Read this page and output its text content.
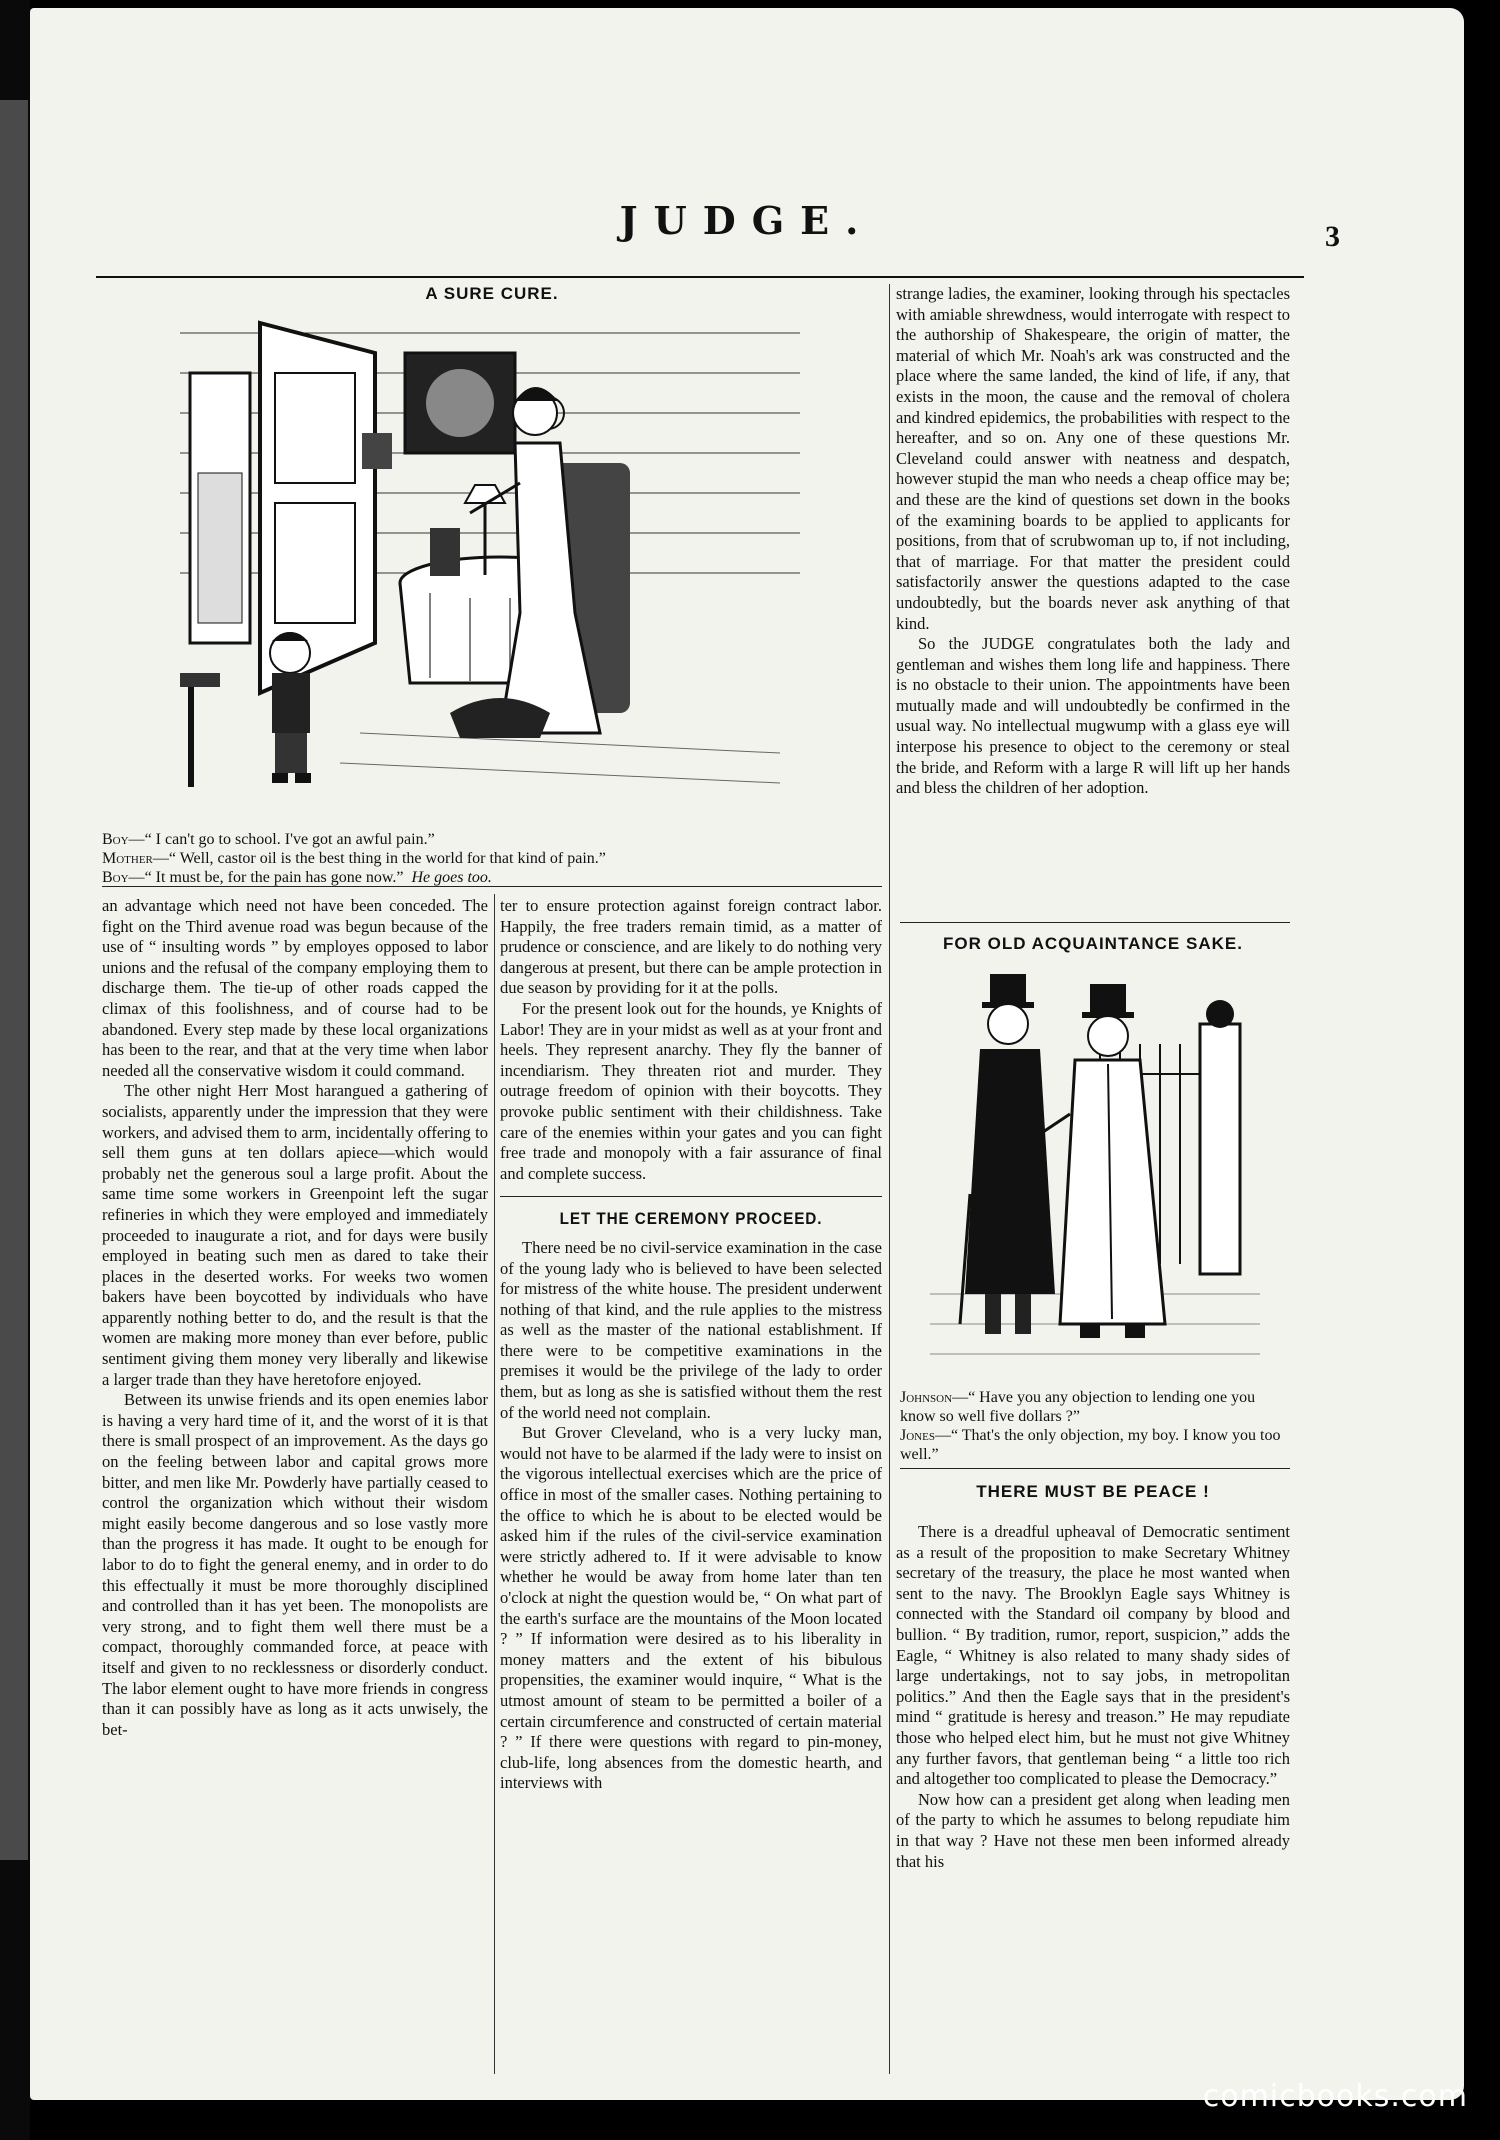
JUDGE.	3
A SURE CURE.
Boy—“ I can't go to school. I've got an awful pain.”
Mother—“ Well, castor oil is the best thing in the world for that kind of pain.”
Boy—“ It must be, for the pain has gone now.” He goes too.

an advantage which need not have been conceded. The fight on the Third avenue road was begun because of the use of “ insulting words ” by employes opposed to labor unions and the refusal of the company employing them to discharge them. The tie-up of other roads capped the climax of this foolishness, and of course had to be abandoned. Every step made by these local organizations has been to the rear, and that at the very time when labor needed all the conservative wisdom it could command.

The other night Herr Most harangued a gathering of socialists, apparently under the impression that they were workers, and advised them to arm, incidentally offering to sell them guns at ten dollars apiece—which would probably net the generous soul a large profit. About the same time some workers in Greenpoint left the sugar refineries in which they were employed and immediately proceeded to inaugurate a riot, and for days were busily employed in beating such men as dared to take their places in the deserted works. For weeks two women bakers have been boycotted by individuals who have apparently nothing better to do, and the result is that the women are making more money than ever before, public sentiment giving them money very liberally and likewise a larger trade than they have heretofore enjoyed.

Between its unwise friends and its open enemies labor is having a very hard time of it, and the worst of it is that there is small prospect of an improvement. As the days go on the feeling between labor and capital grows more bitter, and men like Mr. Powderly have partially ceased to control the organization which without their wisdom might easily become dangerous and so lose vastly more than the progress it has made. It ought to be enough for labor to do to fight the general enemy, and in order to do this effectually it must be more thoroughly disciplined and controlled than it has yet been. The monopolists are very strong, and to fight them well there must be a compact, thoroughly commanded force, at peace with itself and given to no recklessness or disorderly conduct. The labor element ought to have more friends in congress than it can possibly have as long as it acts unwisely, the bet-

ter to ensure protection against foreign contract labor. Happily, the free traders remain timid, as a matter of prudence or conscience, and are likely to do nothing very dangerous at present, but there can be ample protection in due season by providing for it at the polls.

For the present look out for the hounds, ye Knights of Labor! They are in your midst as well as at your front and heels. They represent anarchy. They fly the banner of incendiarism. They threaten riot and murder. They outrage freedom of opinion with their boycotts. They provoke public sentiment with their childishness. Take care of the enemies within your gates and you can fight free trade and monopoly with a fair assurance of final and complete success.

LET THE CEREMONY PROCEED.

There need be no civil-service examination in the case of the young lady who is believed to have been selected for mistress of the white house. The president underwent nothing of that kind, and the rule applies to the mistress as well as the master of the national establishment. If there were to be competitive examinations in the premises it would be the privilege of the lady to order them, but as long as she is satisfied without them the rest of the world need not complain.

But Grover Cleveland, who is a very lucky man, would not have to be alarmed if the lady were to insist on the vigorous intellectual exercises which are the price of office in most of the smaller cases. Nothing pertaining to the office to which he is about to be elected would be asked him if the rules of the civil-service examination were strictly adhered to. If it were advisable to know whether he would be away from home later than ten o'clock at night the question would be, “ On what part of the earth's surface are the mountains of the Moon located ? ” If information were desired as to his liberality in money matters and the extent of his bibulous propensities, the examiner would inquire, “ What is the utmost amount of steam to be permitted a boiler of a certain circumference and constructed of certain material ? ” If there were questions with regard to pin-money, club-life, long absences from the domestic hearth, and interviews with

strange ladies, the examiner, looking through his spectacles with amiable shrewdness, would interrogate with respect to the authorship of Shakespeare, the origin of matter, the material of which Mr. Noah's ark was constructed and the place where the same landed, the kind of life, if any, that exists in the moon, the cause and the removal of cholera and kindred epidemics, the probabilities with respect to the hereafter, and so on. Any one of these questions Mr. Cleveland could answer with neatness and despatch, however stupid the man who needs a cheap office may be; and these are the kind of questions set down in the books of the examining boards to be applied to applicants for positions, from that of scrubwoman up to, if not including, that of marriage. For that matter the president could satisfactorily answer the questions adapted to the case undoubtedly, but the boards never ask anything of that kind.

So the JUDGE congratulates both the lady and gentleman and wishes them long life and happiness. There is no obstacle to their union. The appointments have been mutually made and will undoubtedly be confirmed in the usual way. No intellectual mugwump with a glass eye will interpose his presence to object to the ceremony or steal the bride, and Reform with a large R will lift up her hands and bless the children of her adoption.

FOR OLD ACQUAINTANCE SAKE.
Johnson—“ Have you any objection to lending one you know so well five dollars ?”
Jones—“ That's the only objection, my boy. I know you too well.”
THERE MUST BE PEACE !

There is a dreadful upheaval of Democratic sentiment as a result of the proposition to make Secretary Whitney secretary of the treasury, the place he most wanted when sent to the navy. The Brooklyn Eagle says Whitney is connected with the Standard oil company by blood and bullion. “ By tradition, rumor, report, suspicion,” adds the Eagle, “ Whitney is also related to many shady sides of large undertakings, not to say jobs, in metropolitan politics.” And then the Eagle says that in the president's mind “ gratitude is heresy and treason.” He may repudiate those who helped elect him, but he must not give Whitney any further favors, that gentleman being “ a little too rich and altogether too complicated to please the Democracy.”

Now how can a president get along when leading men of the party to which he assumes to belong repudiate him in that way ? Have not these men been informed already that his

comicbooks.com
